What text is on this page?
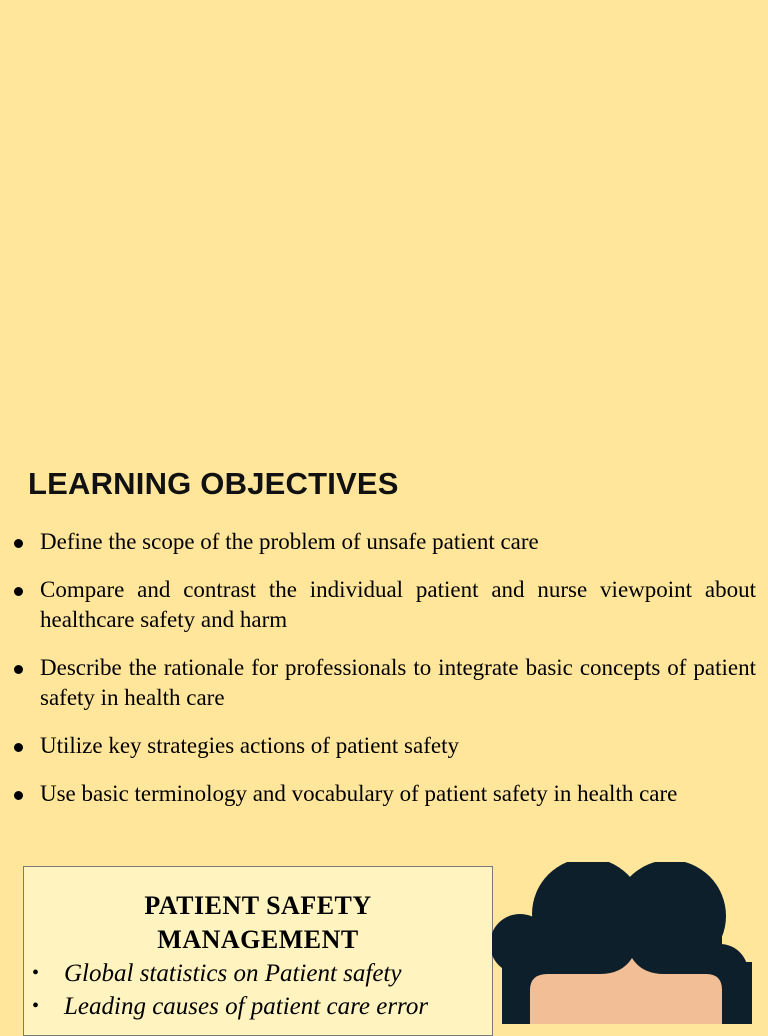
LEARNING OBJECTIVES
Define the scope of the problem of unsafe patient care
Compare and contrast the individual patient and nurse viewpoint about healthcare safety and harm
Describe the rationale for professionals to integrate basic concepts of patient safety in health care
Utilize key strategies actions of patient safety
Use basic terminology and vocabulary of patient safety in health care
PATIENT SAFETY
MANAGEMENT
• Global statistics on Patient safety
• Leading causes of patient care error
